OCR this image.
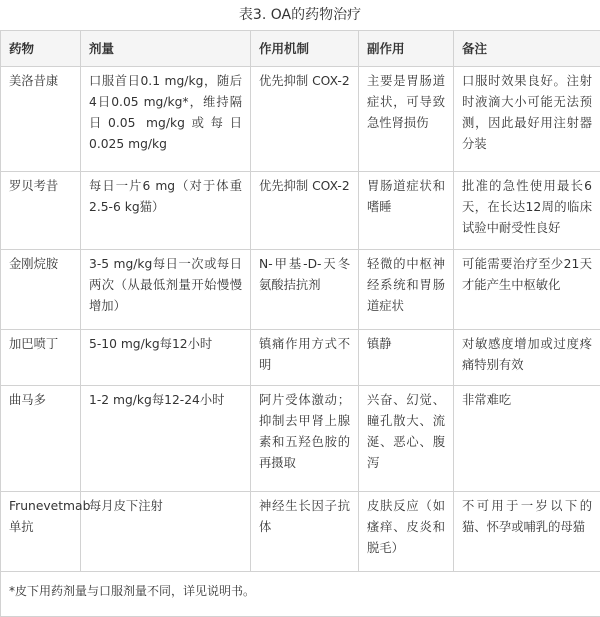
表3. OA的药物治疗
药物	剂量	作用机制	副作用	备注
美洛昔康	口服首日0.1 mg/kg，随后4日0.05 mg/kg*，维持隔日0.05 mg/kg或每日0.025 mg/kg	优先抑制 COX-2	主要是胃肠道症状，可导致急性肾损伤	口服时效果良好。注射时液滴大小可能无法预测，因此最好用注射器分装
罗贝考昔	每日一片6 mg（对于体重2.5-6 kg猫）	优先抑制 COX-2	胃肠道症状和嗜睡	批准的急性使用最长6天，在长达12周的临床试验中耐受性良好
金刚烷胺	3-5 mg/kg每日一次或每日两次（从最低剂量开始慢慢增加）	N-甲基-D-天冬氨酸拮抗剂	轻微的中枢神经系统和胃肠道症状	可能需要治疗至少21天才能产生中枢敏化
加巴喷丁	5-10 mg/kg每12小时	镇痛作用方式不明	镇静	对敏感度增加或过度疼痛特别有效
曲马多	1-2 mg/kg每12-24小时	阿片受体激动；抑制去甲肾上腺素和五羟色胺的再摄取	兴奋、幻觉、瞳孔散大、流涎、恶心、腹泻	非常难吃
Frunevetmab单抗	每月皮下注射	神经生长因子抗体	皮肤反应（如瘙痒、皮炎和脱毛）	不可用于一岁以下的猫、怀孕或哺乳的母猫
*皮下用药剂量与口服剂量不同，详见说明书。				
